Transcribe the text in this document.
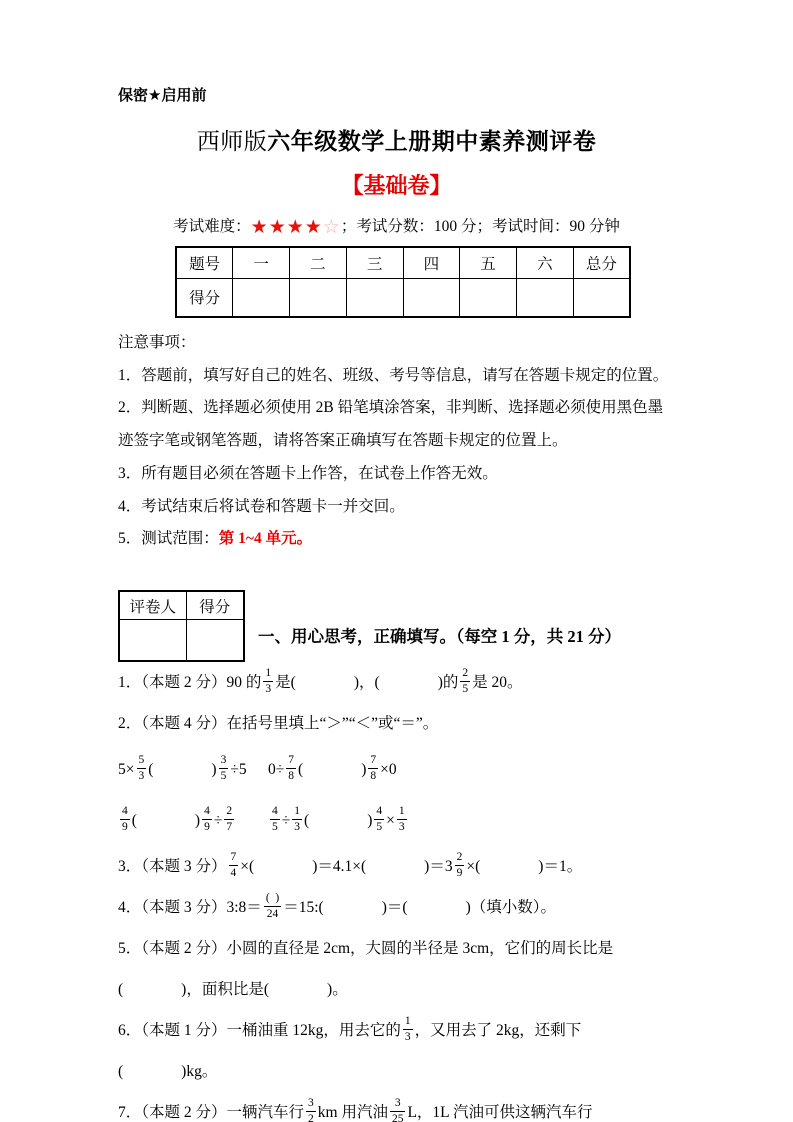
保密★启用前
西师版六年级数学上册期中素养测评卷
【基础卷】
考试难度：★★★★☆；考试分数：100 分；考试时间：90 分钟
题号	一	二	三	四	五	六	总分
得分							

注意事项：

1．答题前，填写好自己的姓名、班级、考号等信息，请写在答题卡规定的位置。

2．判断题、选择题必须使用 2B 铅笔填涂答案，非判断、选择题必须使用黑色墨迹签字笔或钢笔答题，请将答案正确填写在答题卡规定的位置上。

3．所有题目必须在答题卡上作答，在试卷上作答无效。

4．考试结束后将试卷和答题卡一并交回。

5．测试范围：第 1~4 单元。

评卷人	得分

一、用心思考，正确填写。（每空 1 分，共 21 分）
1．（本题 2 分）90 的 $\frac{1}{3}$ 是(	)，(	)的 $\frac{2}{5}$ 是 20。
2．（本题 4 分）在括号里填上“＞”“＜”或“＝”。
$5\times \frac{5}{3}$ (	) $\frac{3}{5} \div 5$	$0\div \frac{7}{8}$ (	) $\frac{7}{8} \times 0$
$\frac{4}{9}$ (	) $\frac{4}{9} \div \frac{2}{7}$	$\frac{4}{5} \div \frac{1}{3}$ (	) $\frac{4}{5} \times \frac{1}{3}$
3．（本题 3 分） $\frac{7}{4}$ ×(	)＝4.1×(	)$=3 \frac{2}{9}$ ×(	)＝1。
4．（本题 3 分）3:8＝ $\frac{( )}{24}$ ＝15:(	)＝(	)（填小数）。
5．（本题 2 分）小圆的直径是 2cm，大圆的半径是 3cm，它们的周长比是
(	)，面积比是(	)。
6．（本题 1 分）一桶油重 12kg，用去它的 $\frac{1}{3}$ ，又用去了 2kg，还剩下
(	)kg。
7．（本题 2 分）一辆汽车行 $\frac{3}{2}$ km 用汽油 $\frac{3}{25}$ L，1L 汽油可供这辆汽车行
